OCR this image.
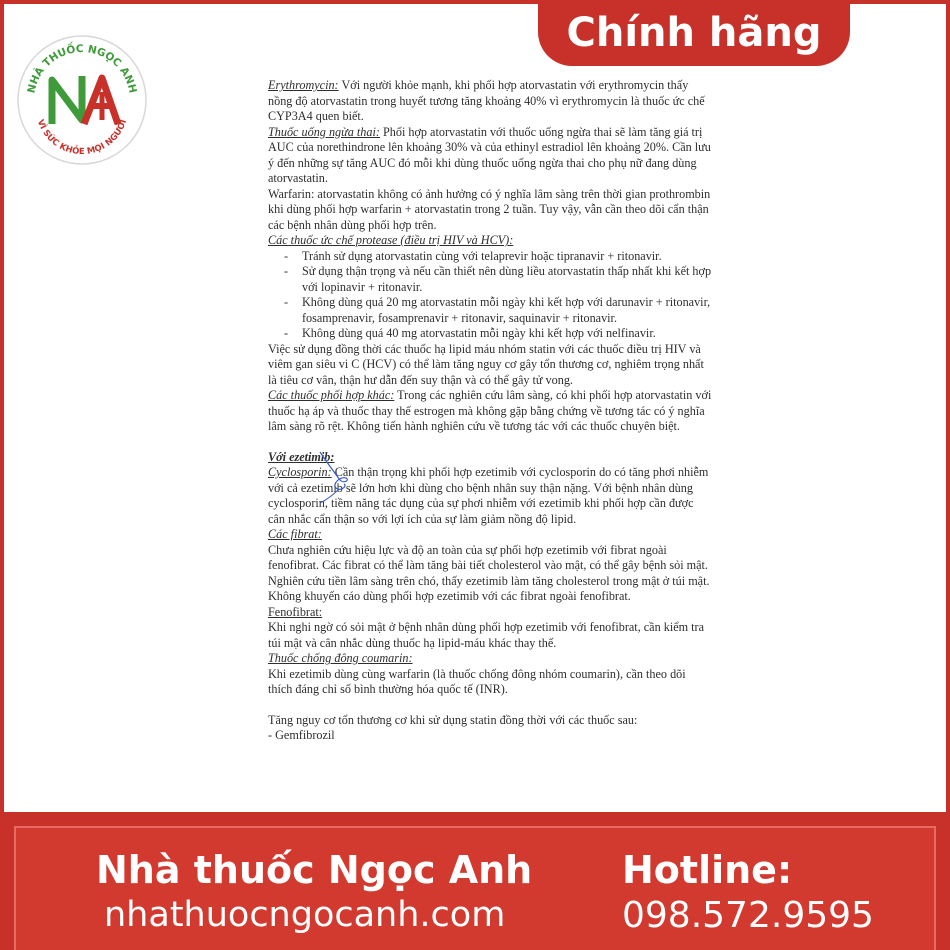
Chính hãng
NHÀ THUỐC NGỌC ANH
VÌ SỨC KHỎE MỌI NGƯỜI

Erythromycin: Với người khỏe mạnh, khi phối hợp atorvastatin với erythromycin thấy nồng độ atorvastatin trong huyết tương tăng khoảng 40% vì erythromycin là thuốc ức chế CYP3A4 quen biết.

Thuốc uống ngừa thai: Phối hợp atorvastatin với thuốc uống ngừa thai sẽ làm tăng giá trị AUC của norethindrone lên khoảng 30% và của ethinyl estradiol lên khoảng 20%. Cần lưu ý đến những sự tăng AUC đó mỗi khi dùng thuốc uống ngừa thai cho phụ nữ đang dùng atorvastatin.

Warfarin: atorvastatin không có ảnh hưởng có ý nghĩa lâm sàng trên thời gian prothrombin khi dùng phối hợp warfarin + atorvastatin trong 2 tuần. Tuy vậy, vẫn cần theo dõi cẩn thận các bệnh nhân dùng phối hợp trên.

Các thuốc ức chế protease (điều trị HIV và HCV):

- Tránh sử dụng atorvastatin cùng với telaprevir hoặc tipranavir + ritonavir.
- Sử dụng thận trọng và nếu cần thiết nên dùng liều atorvastatin thấp nhất khi kết hợp với lopinavir + ritonavir.
- Không dùng quá 20 mg atorvastatin mỗi ngày khi kết hợp với darunavir + ritonavir, fosamprenavir, fosamprenavir + ritonavir, saquinavir + ritonavir.
- Không dùng quá 40 mg atorvastatin mỗi ngày khi kết hợp với nelfinavir.

Việc sử dụng đồng thời các thuốc hạ lipid máu nhóm statin với các thuốc điều trị HIV và viêm gan siêu vi C (HCV) có thể làm tăng nguy cơ gây tổn thương cơ, nghiêm trọng nhất là tiêu cơ vân, thận hư dẫn đến suy thận và có thể gây tử vong.

Các thuốc phối hợp khác: Trong các nghiên cứu lâm sàng, có khi phối hợp atorvastatin với thuốc hạ áp và thuốc thay thế estrogen mà không gặp bằng chứng về tương tác có ý nghĩa lâm sàng rõ rệt. Không tiến hành nghiên cứu về tương tác với các thuốc chuyên biệt.

Với ezetimib:

Cyclosporin: Cần thận trọng khi phối hợp ezetimib với cyclosporin do có tăng phơi nhiễm với cả ezetimib sẽ lớn hơn khi dùng cho bệnh nhân suy thận nặng. Với bệnh nhân dùng cyclosporin, tiềm năng tác dụng của sự phơi nhiễm với ezetimib khi phối hợp cần được cân nhắc cẩn thận so với lợi ích của sự làm giảm nồng độ lipid.

Các fibrat:

Chưa nghiên cứu hiệu lực và độ an toàn của sự phối hợp ezetimib với fibrat ngoài fenofibrat. Các fibrat có thể làm tăng bài tiết cholesterol vào mật, có thể gây bệnh sỏi mật. Nghiên cứu tiền lâm sàng trên chó, thấy ezetimib làm tăng cholesterol trong mật ở túi mật. Không khuyến cáo dùng phối hợp ezetimib với các fibrat ngoài fenofibrat.

Fenofibrat:

Khi nghi ngờ có sỏi mật ở bệnh nhân dùng phối hợp ezetimib với fenofibrat, cần kiểm tra túi mật và cân nhắc dùng thuốc hạ lipid-máu khác thay thế.

Thuốc chống đông coumarin:

Khi ezetimib dùng cùng warfarin (là thuốc chống đông nhóm coumarin), cần theo dõi thích đáng chỉ số bình thường hóa quốc tế (INR).

Tăng nguy cơ tổn thương cơ khi sử dụng statin đồng thời với các thuốc sau:

- Gemfibrozil

Nhà thuốc Ngọc Anh
nhathuocngocanh.com
Hotline:
098.572.9595
